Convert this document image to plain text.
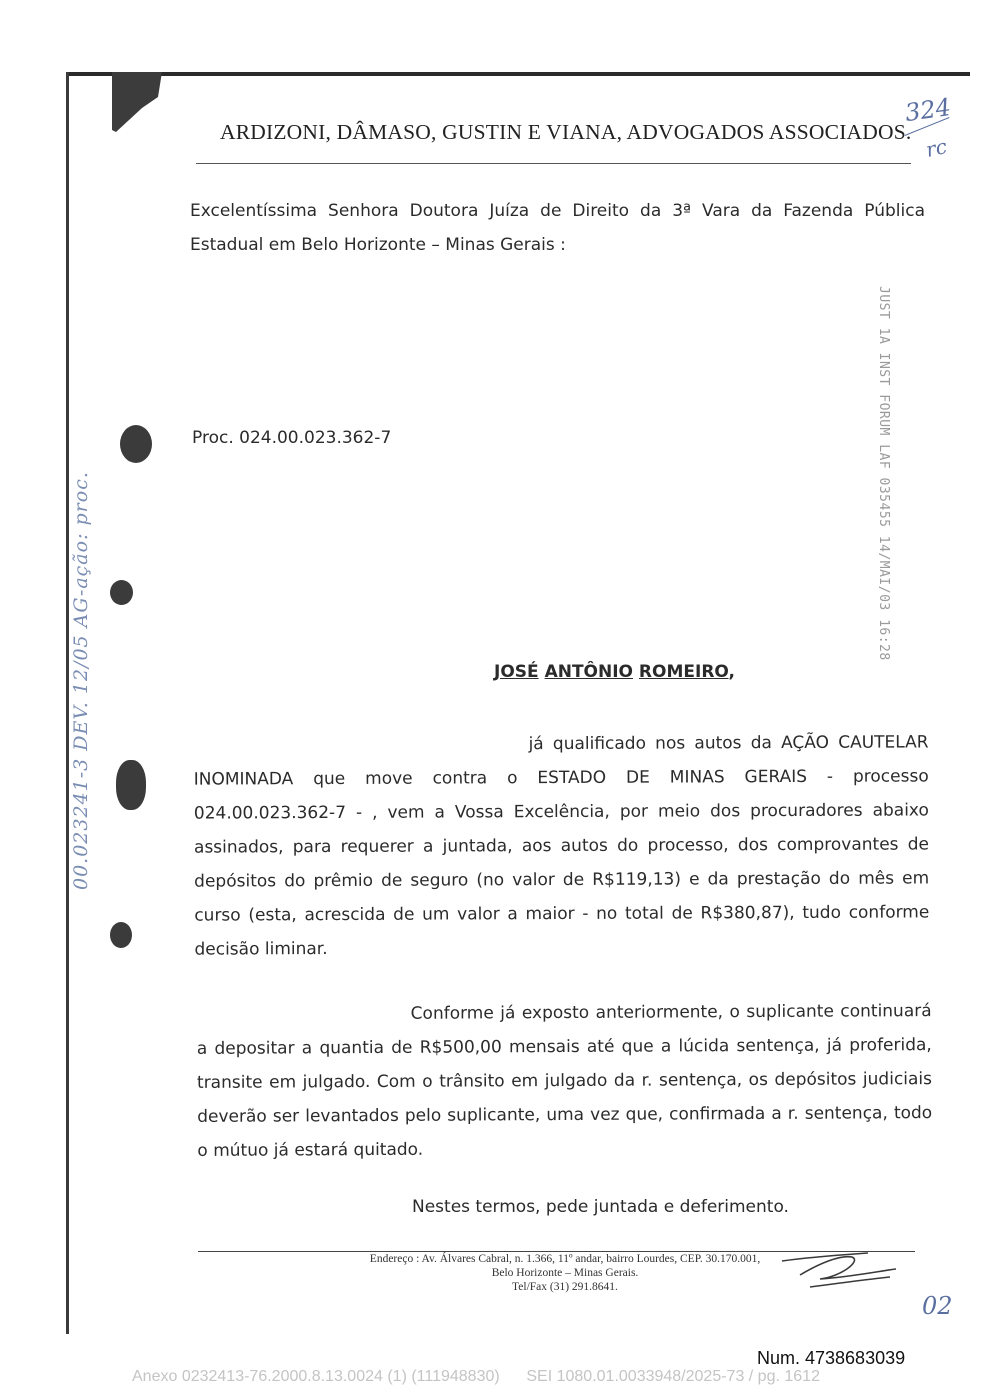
ARDIZONI, DÂMASO, GUSTIN E VIANA, ADVOGADOS ASSOCIADOS.
324
rc
Excelentíssima Senhora Doutora Juíza de Direito da 3ª Vara da Fazenda Pública Estadual em Belo Horizonte – Minas Gerais :
JUST 1A INST FORUM LAF 035455 14/MAI/03 16:28
00.023241-3 DEV. 12/05 AG-ação: proc.
Proc. 024.00.023.362-7
JOSÉ ANTÔNIO ROMEIRO,
já qualificado nos autos da AÇÃO CAUTELAR INOMINADA que move contra o ESTADO DE MINAS GERAIS - processo 024.00.023.362-7 - , vem a Vossa Excelência, por meio dos procuradores abaixo assinados, para requerer a juntada, aos autos do processo, dos comprovantes de depósitos do prêmio de seguro (no valor de R$119,13) e da prestação do mês em curso (esta, acrescida de um valor a maior - no total de R$380,87), tudo conforme decisão liminar.
Conforme já exposto anteriormente, o suplicante continuará a depositar a quantia de R$500,00 mensais até que a lúcida sentença, já proferida, transite em julgado. Com o trânsito em julgado da r. sentença, os depósitos judiciais deverão ser levantados pelo suplicante, uma vez que, confirmada a r. sentença, todo o mútuo já estará quitado.
Nestes termos, pede juntada e deferimento.
Endereço : Av. Álvares Cabral, n. 1.366, 11º andar, bairro Lourdes, CEP. 30.170.001,
Belo Horizonte – Minas Gerais.
Tel/Fax (31) 291.8641.
02
Num. 4738683039
Anexo 0232413-76.2000.8.13.0024 (1) (111948830)      SEI 1080.01.0033948/2025-73 / pg. 1612
